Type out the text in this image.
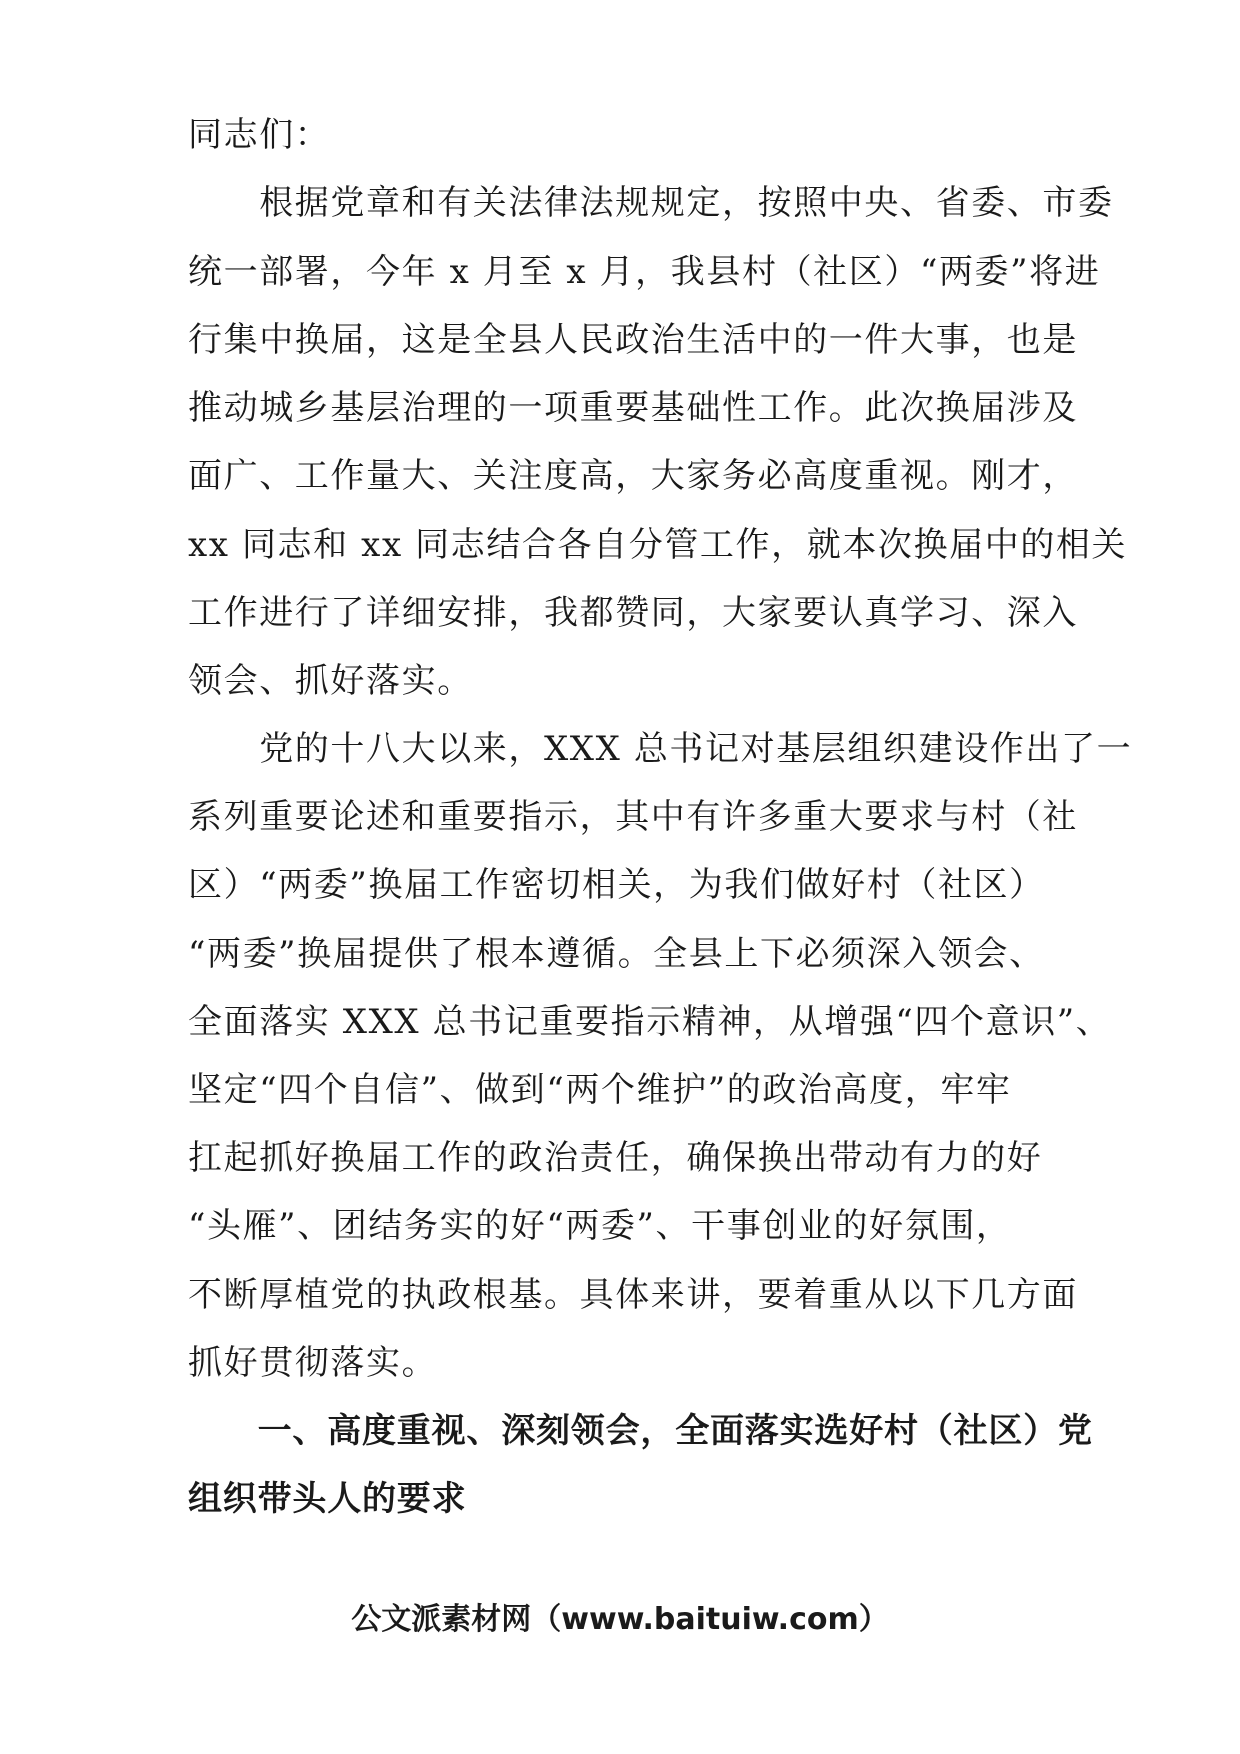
同志们：
　　根据党章和有关法律法规规定，按照中央、省委、市委
统一部署，今年 x 月至 x 月，我县村（社区）“两委”将进
行集中换届，这是全县人民政治生活中的一件大事，也是
推动城乡基层治理的一项重要基础性工作。此次换届涉及
面广、工作量大、关注度高，大家务必高度重视。刚才，
xx 同志和 xx 同志结合各自分管工作，就本次换届中的相关
工作进行了详细安排，我都赞同，大家要认真学习、深入
领会、抓好落实。
　　党的十八大以来，XXX 总书记对基层组织建设作出了一
系列重要论述和重要指示，其中有许多重大要求与村（社
区）“两委”换届工作密切相关，为我们做好村（社区）
“两委”换届提供了根本遵循。全县上下必须深入领会、
全面落实 XXX 总书记重要指示精神，从增强“四个意识”、
坚定“四个自信”、做到“两个维护”的政治高度，牢牢
扛起抓好换届工作的政治责任，确保换出带动有力的好
“头雁”、团结务实的好“两委”、干事创业的好氛围，
不断厚植党的执政根基。具体来讲，要着重从以下几方面
抓好贯彻落实。
　　一、高度重视、深刻领会，全面落实选好村（社区）党
组织带头人的要求
公文派素材网（www.baituiw.com）
